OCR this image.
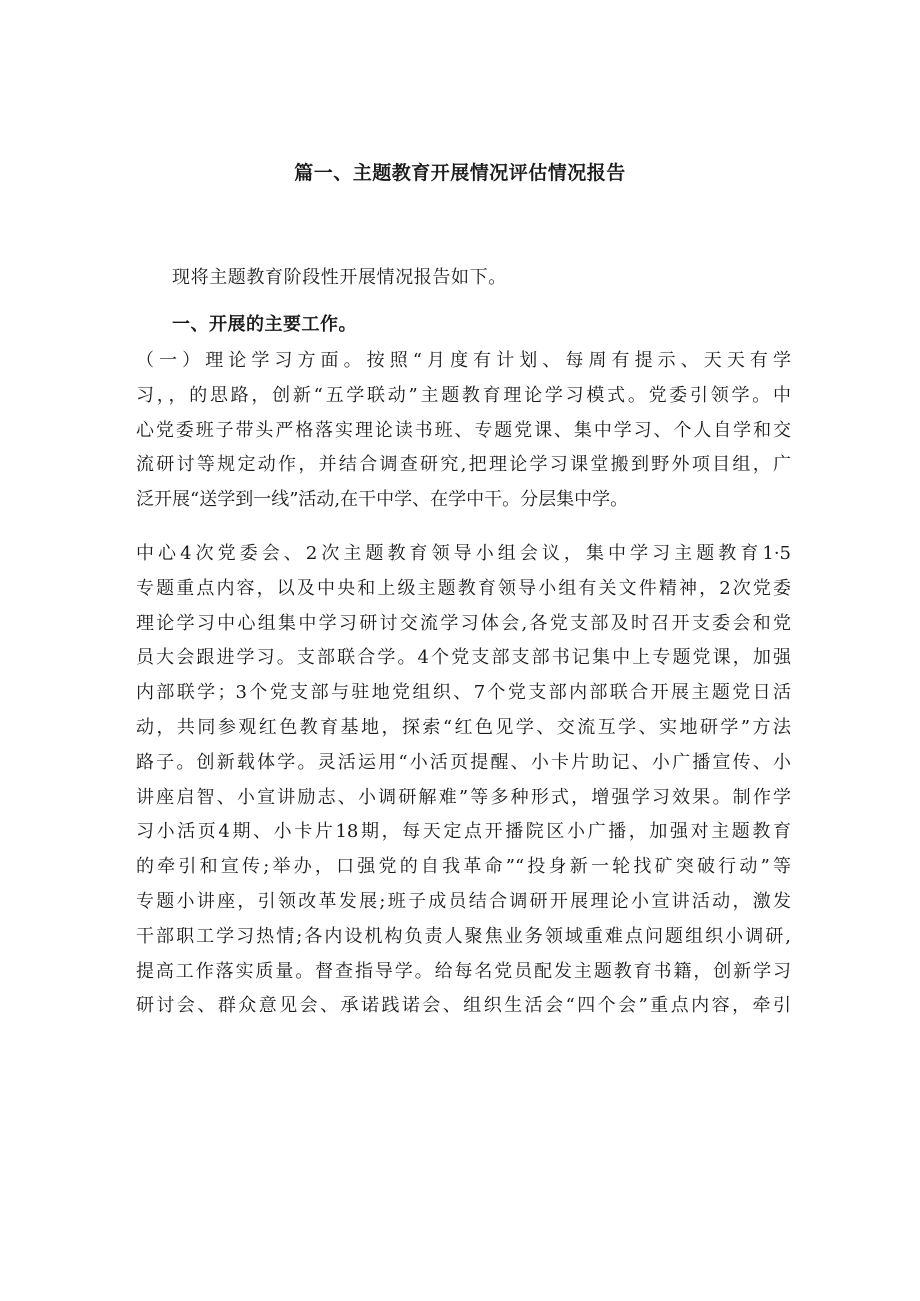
篇一、主题教育开展情况评估情况报告
现将主题教育阶段性开展情况报告如下。
一、开展的主要工作。
（一）理论学习方面。按照“月度有计划、每周有提示、天天有学
习，，的思路，创新“五学联动”主题教育理论学习模式。党委引领学。中
心党委班子带头严格落实理论读书班、专题党课、集中学习、个人自学和交
流研讨等规定动作，并结合调查研究,把理论学习课堂搬到野外项目组，广
泛开展“送学到一线”活动,在干中学、在学中干。分层集中学。
中心4次党委会、2次主题教育领导小组会议，集中学习主题教育1·5
专题重点内容，以及中央和上级主题教育领导小组有关文件精神，2次党委
理论学习中心组集中学习研讨交流学习体会,各党支部及时召开支委会和党
员大会跟进学习。支部联合学。4个党支部支部书记集中上专题党课，加强
内部联学；3个党支部与驻地党组织、7个党支部内部联合开展主题党日活
动，共同参观红色教育基地，探索“红色见学、交流互学、实地研学”方法
路子。创新载体学。灵活运用“小活页提醒、小卡片助记、小广播宣传、小
讲座启智、小宣讲励志、小调研解难”等多种形式，增强学习效果。制作学
习小活页4期、小卡片18期，每天定点开播院区小广播，加强对主题教育
的牵引和宣传;举办，口强党的自我革命”“投身新一轮找矿突破行动”等
专题小讲座，引领改革发展;班子成员结合调研开展理论小宣讲活动，激发
干部职工学习热情;各内设机构负责人聚焦业务领域重难点问题组织小调研,
提高工作落实质量。督查指导学。给每名党员配发主题教育书籍，创新学习
研讨会、群众意见会、承诺践诺会、组织生活会“四个会”重点内容，牵引
